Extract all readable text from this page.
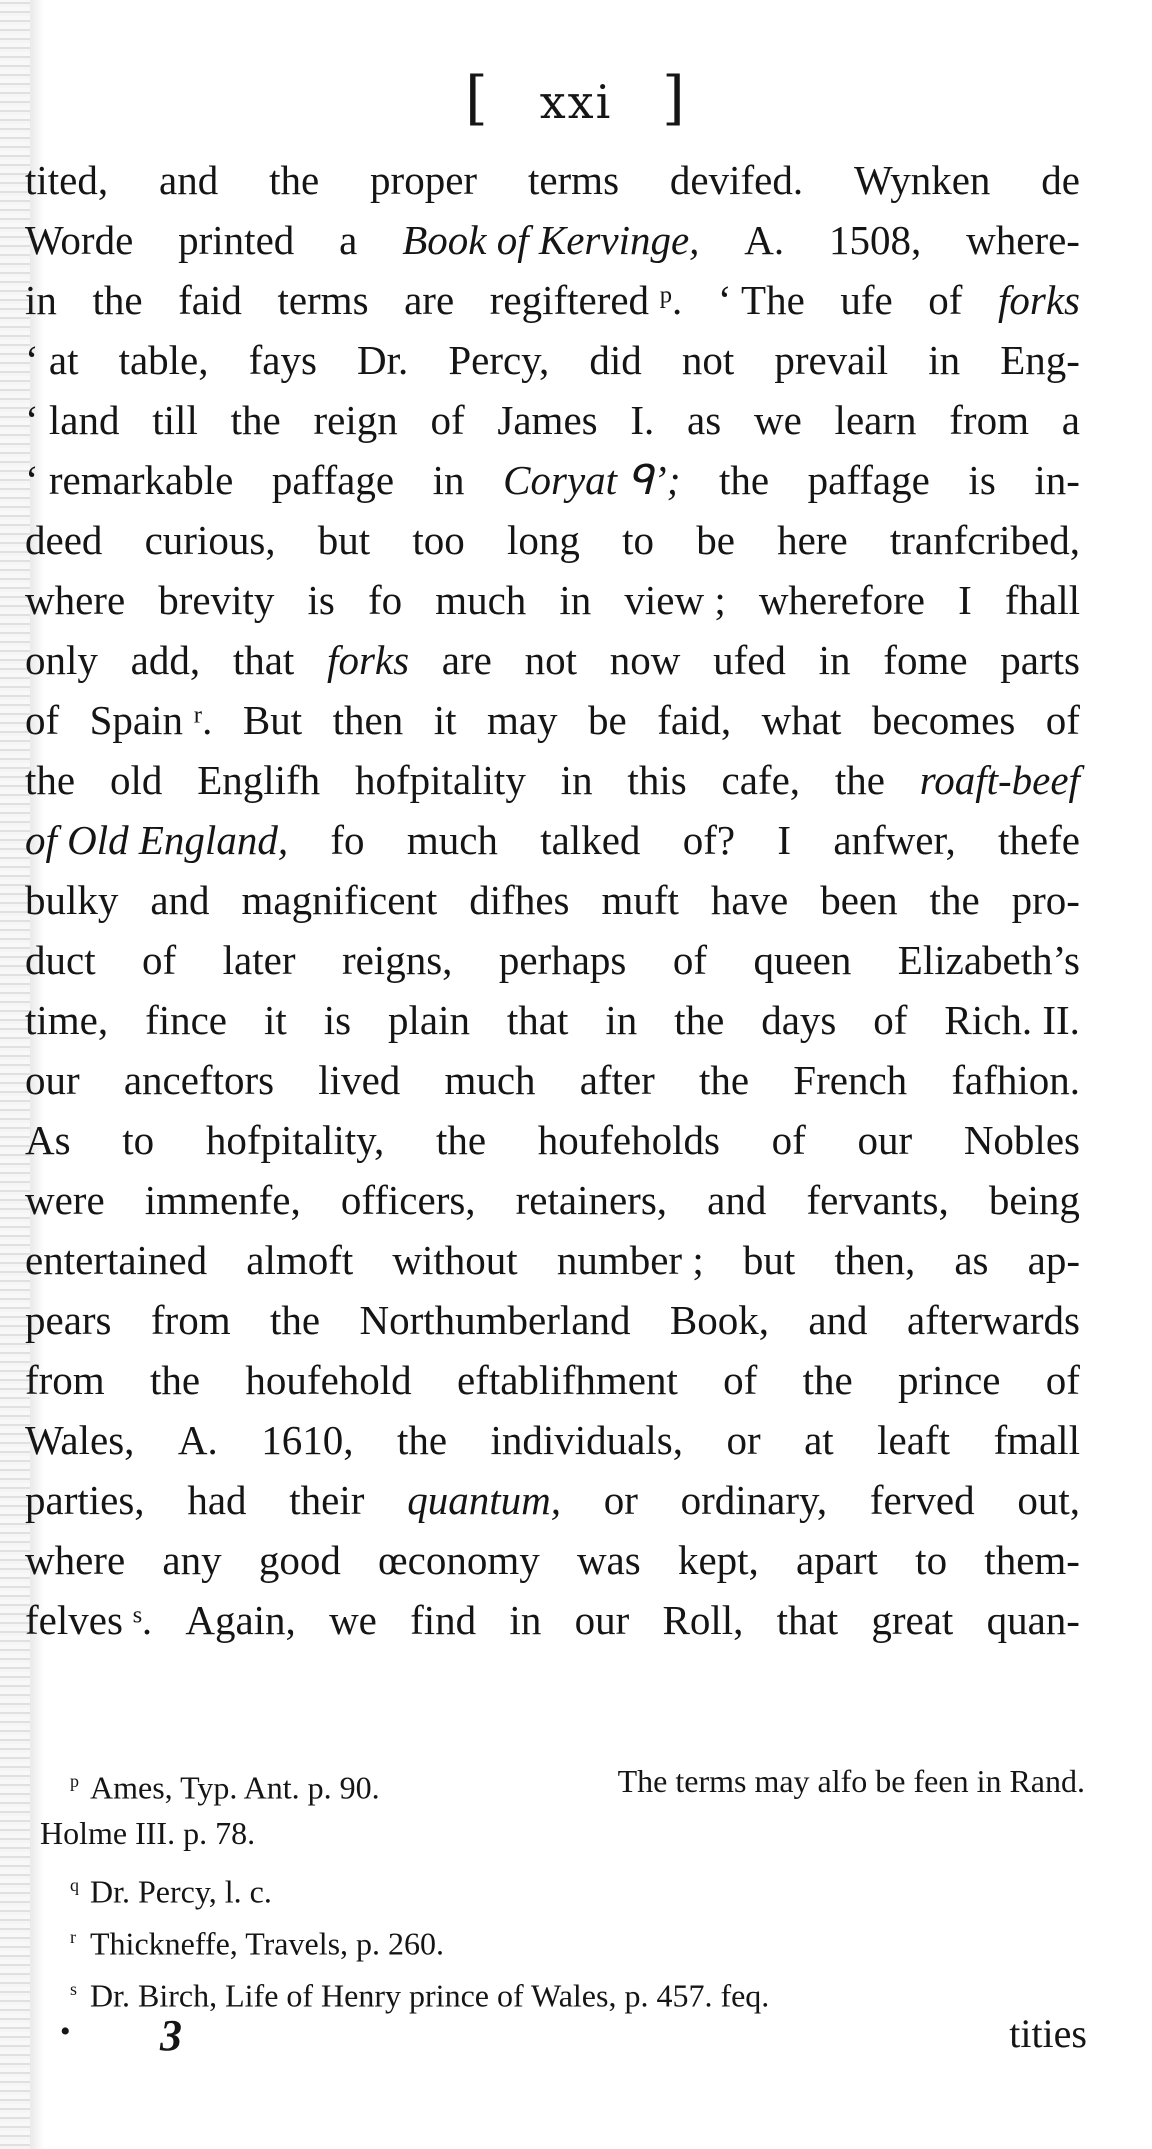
[ xxi ]
tited, and the proper terms devifed. Wynken de
Worde printed a Book of Kervinge, A. 1508, where-
in the faid terms are regiftered ᵖ. ‘ The ufe of forks
‘ at table, fays Dr. Percy, did not prevail in Eng-
‘ land till the reign of James I. as we learn from a
‘ remarkable paffage in Coryat ᑫ’; the paffage is in-
deed curious, but too long to be here tranfcribed,
where brevity is fo much in view ; wherefore I fhall
only add, that forks are not now ufed in fome parts
of Spain ʳ. But then it may be faid, what becomes of
the old Englifh hofpitality in this cafe, the roaft-beef
of Old England, fo much talked of? I anfwer, thefe
bulky and magnificent difhes muft have been the pro-
duct of later reigns, perhaps of queen Elizabeth’s
time, fince it is plain that in the days of Rich. II.
our anceftors lived much after the French fafhion.
As to hofpitality, the houfeholds of our Nobles
were immenfe, officers, retainers, and fervants, being
entertained almoft without number ; but then, as ap-
pears from the Northumberland Book, and afterwards
from the houfehold eftablifhment of the prince of
Wales, A. 1610, the individuals, or at leaft fmall
parties, had their quantum, or ordinary, ferved out,
where any good œconomy was kept, apart to them-
felves ˢ. Again, we find in our Roll, that great quan-
p Ames, Typ. Ant. p. 90.	The terms may alfo be feen in Rand.
Holme III. p. 78.
q Dr. Percy, l. c.
r Thickneffe, Travels, p. 260.
s Dr. Birch, Life of Henry prince of Wales, p. 457. feq.
• 3	tities
